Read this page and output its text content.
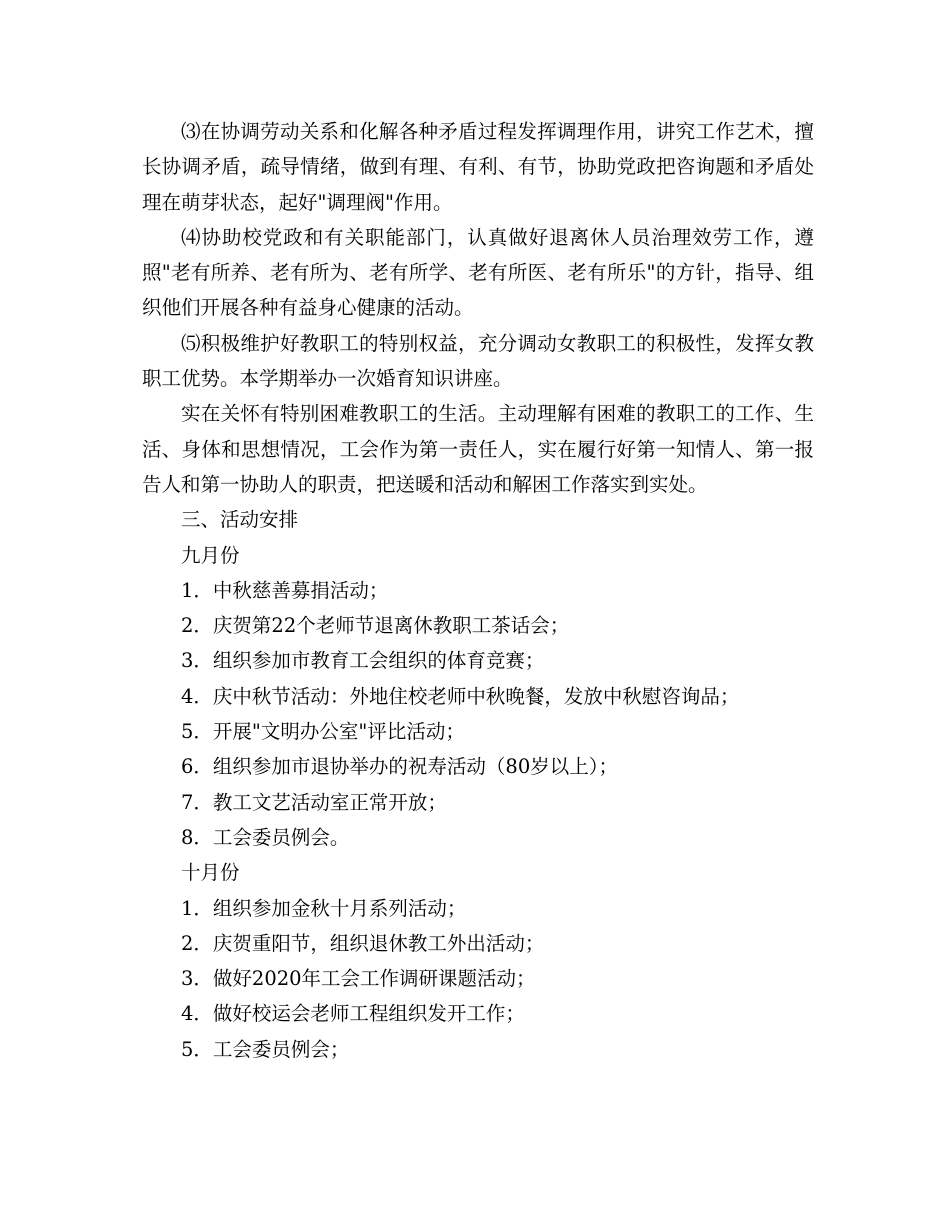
⑶在协调劳动关系和化解各种矛盾过程发挥调理作用，讲究工作艺术，擅长协调矛盾，疏导情绪，做到有理、有利、有节，协助党政把咨询题和矛盾处理在萌芽状态，起好"调理阀"作用。

⑷协助校党政和有关职能部门，认真做好退离休人员治理效劳工作，遵照"老有所养、老有所为、老有所学、老有所医、老有所乐"的方针，指导、组织他们开展各种有益身心健康的活动。

⑸积极维护好教职工的特别权益，充分调动女教职工的积极性，发挥女教职工优势。本学期举办一次婚育知识讲座。

实在关怀有特别困难教职工的生活。主动理解有困难的教职工的工作、生活、身体和思想情况，工会作为第一责任人，实在履行好第一知情人、第一报告人和第一协助人的职责，把送暖和活动和解困工作落实到实处。

三、活动安排

九月份

1．中秋慈善募捐活动；

2．庆贺第22个老师节退离休教职工茶话会；

3．组织参加市教育工会组织的体育竞赛；

4．庆中秋节活动：外地住校老师中秋晚餐，发放中秋慰咨询品；

5．开展"文明办公室"评比活动；

6．组织参加市退协举办的祝寿活动（80岁以上）；

7．教工文艺活动室正常开放；

8．工会委员例会。

十月份

1．组织参加金秋十月系列活动；

2．庆贺重阳节，组织退休教工外出活动；

3．做好2020年工会工作调研课题活动；

4．做好校运会老师工程组织发开工作；

5．工会委员例会；
